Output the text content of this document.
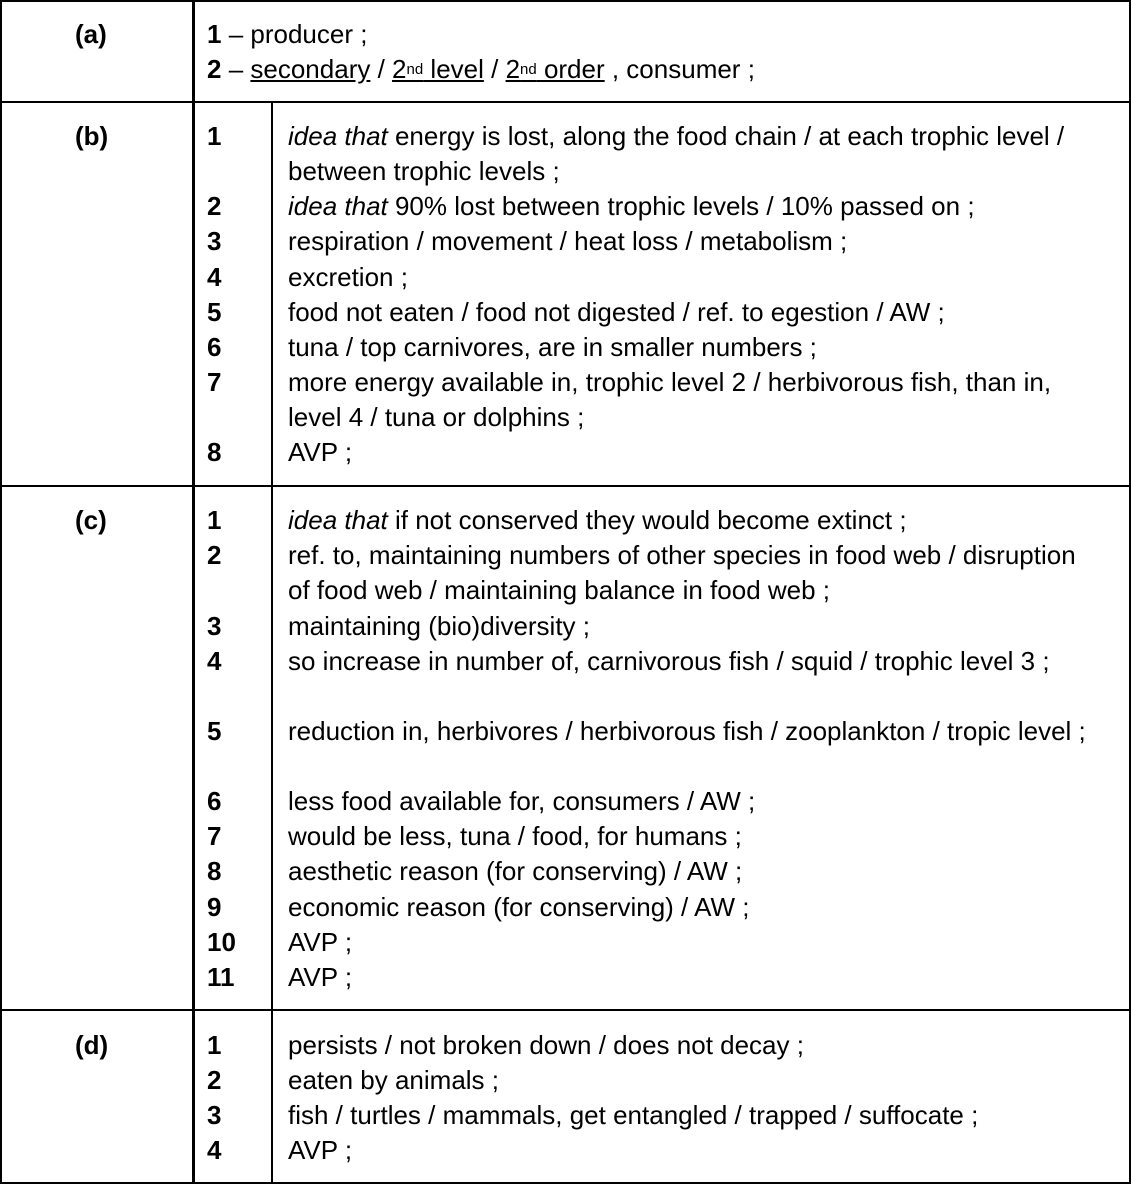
(a)	1 – producer ;
2 – secondary / 2nd level / 2nd order , consumer ;
(b)	1	idea that energy is lost, along the food chain / at each trophic level / between trophic levels ;
2	idea that 90% lost between trophic levels / 10% passed on ;
3	respiration / movement / heat loss / metabolism ;
4	excretion ;
5	food not eaten / food not digested / ref. to egestion / AW ;
6	tuna / top carnivores, are in smaller numbers ;
7	more energy available in, trophic level 2 / herbivorous fish, than in, level 4 / tuna or dolphins ;
8	AVP ;
(c)	1	idea that if not conserved they would become extinct ;
2	ref. to, maintaining numbers of other species in food web / disruption of food web / maintaining balance in food web ;
3	maintaining (bio)diversity ;
4	so increase in number of, carnivorous fish / squid / trophic level 3 ;
5	reduction in, herbivores / herbivorous fish / zooplankton / tropic level ;
6	less food available for, consumers / AW ;
7	would be less, tuna / food, for humans ;
8	aesthetic reason (for conserving) / AW ;
9	economic reason (for conserving) / AW ;
10 AVP ;
11 AVP ;
(d)	1	persists / not broken down / does not decay ;
2	eaten by animals ;
3	fish / turtles / mammals, get entangled / trapped / suffocate ;
4	AVP ;
